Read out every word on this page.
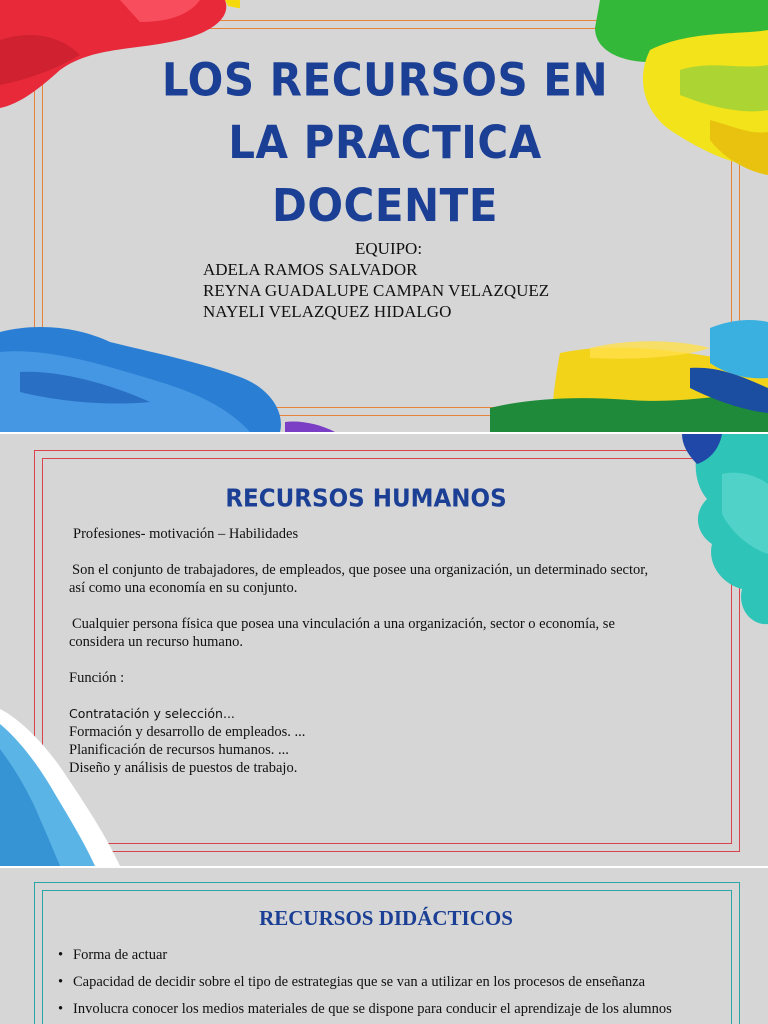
LOS RECURSOS EN LA PRACTICA DOCENTE
EQUIPO:
ADELA RAMOS SALVADOR
REYNA GUADALUPE CAMPAN VELAZQUEZ
NAYELI VELAZQUEZ HIDALGO
RECURSOS HUMANOS

Profesiones- motivación – Habilidades

Son el conjunto de trabajadores, de empleados, que posee una organización, un determinado sector, así como una economía en su conjunto.

Cualquier persona física que posea una vinculación a una organización, sector o economía, se considera un recurso humano.

Función :

Contratación y selección...
Formación y desarrollo de empleados. ...
Planificación de recursos humanos. ...
Diseño y análisis de puestos de trabajo.
RECURSOS DIDÁCTICOS
• Forma de actuar
• Capacidad de decidir sobre el tipo de estrategias que se van a utilizar en los procesos de enseñanza
• Involucra conocer los medios materiales de que se dispone para conducir el aprendizaje de los alumnos
